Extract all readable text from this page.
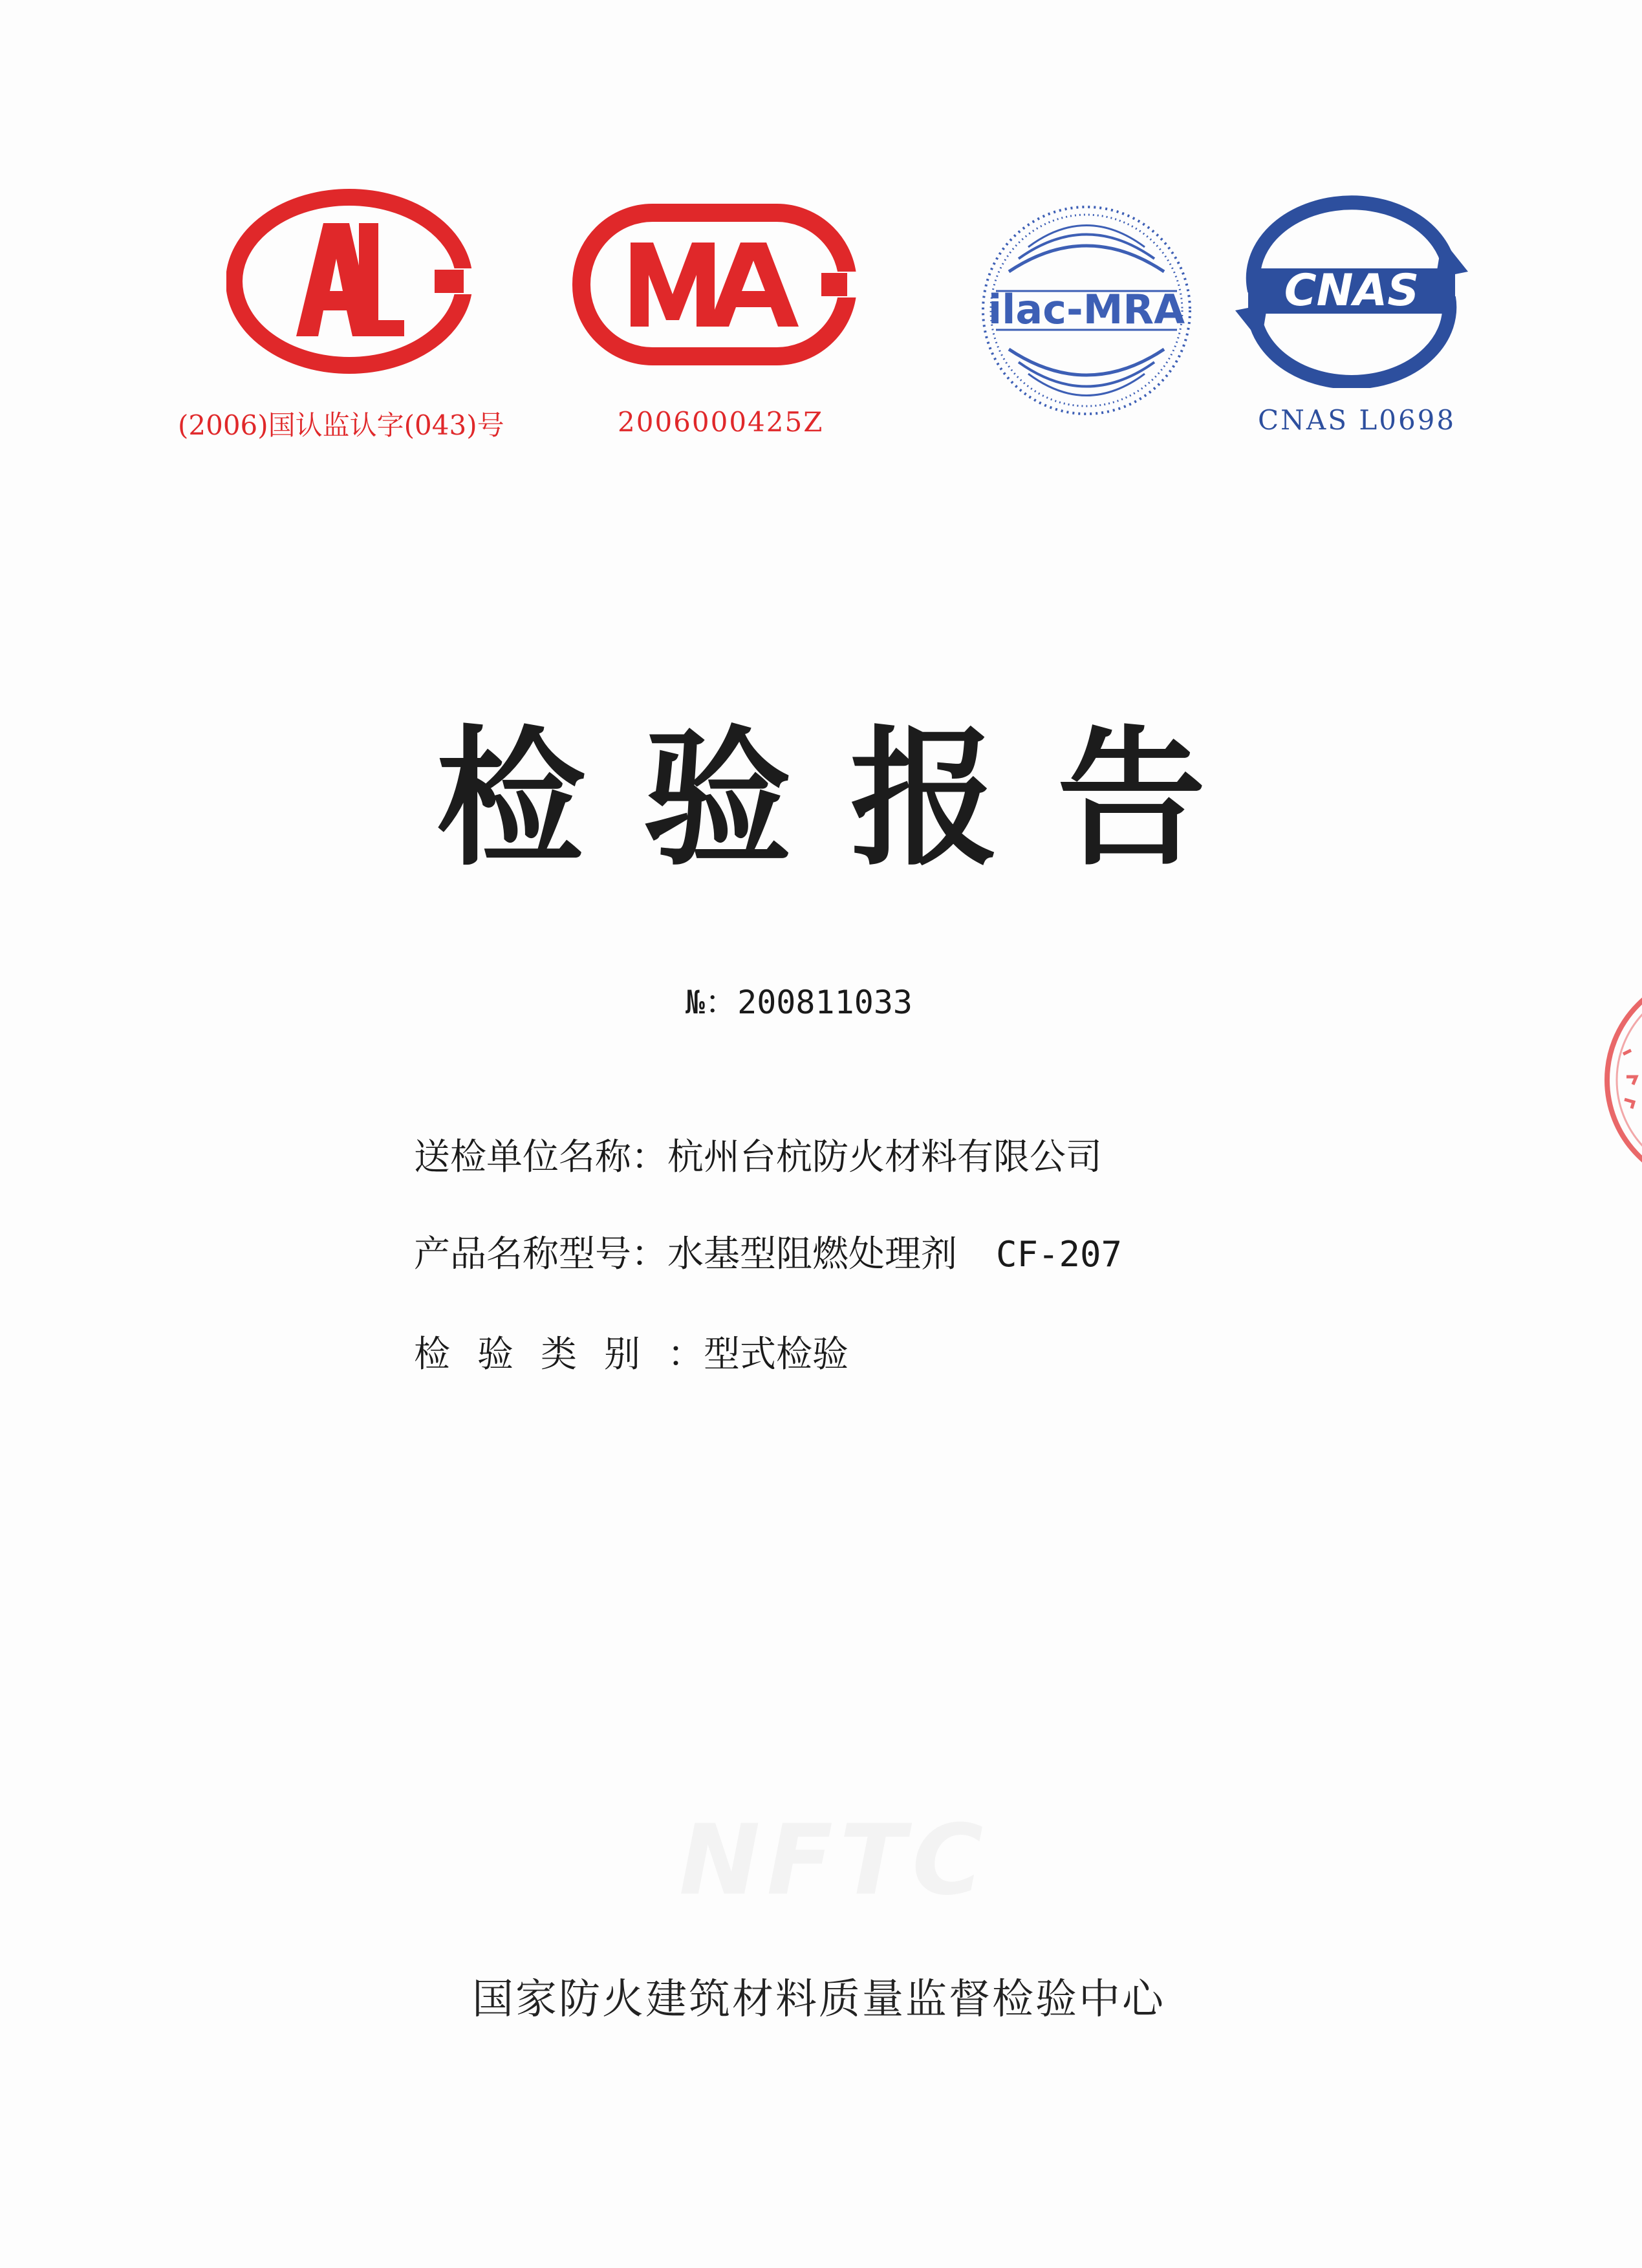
(2006)国认监认字(043)号	2006000425Z
ilac-MRA CNAS
CNAS L0698
检验报告
№：200811033
送检单位名称：杭州台杭防火材料有限公司
产品名称型号：水基型阻燃处理剂 CF-207
检验类别：型式检验
NFTC
国家防火建筑材料质量监督检验中心
